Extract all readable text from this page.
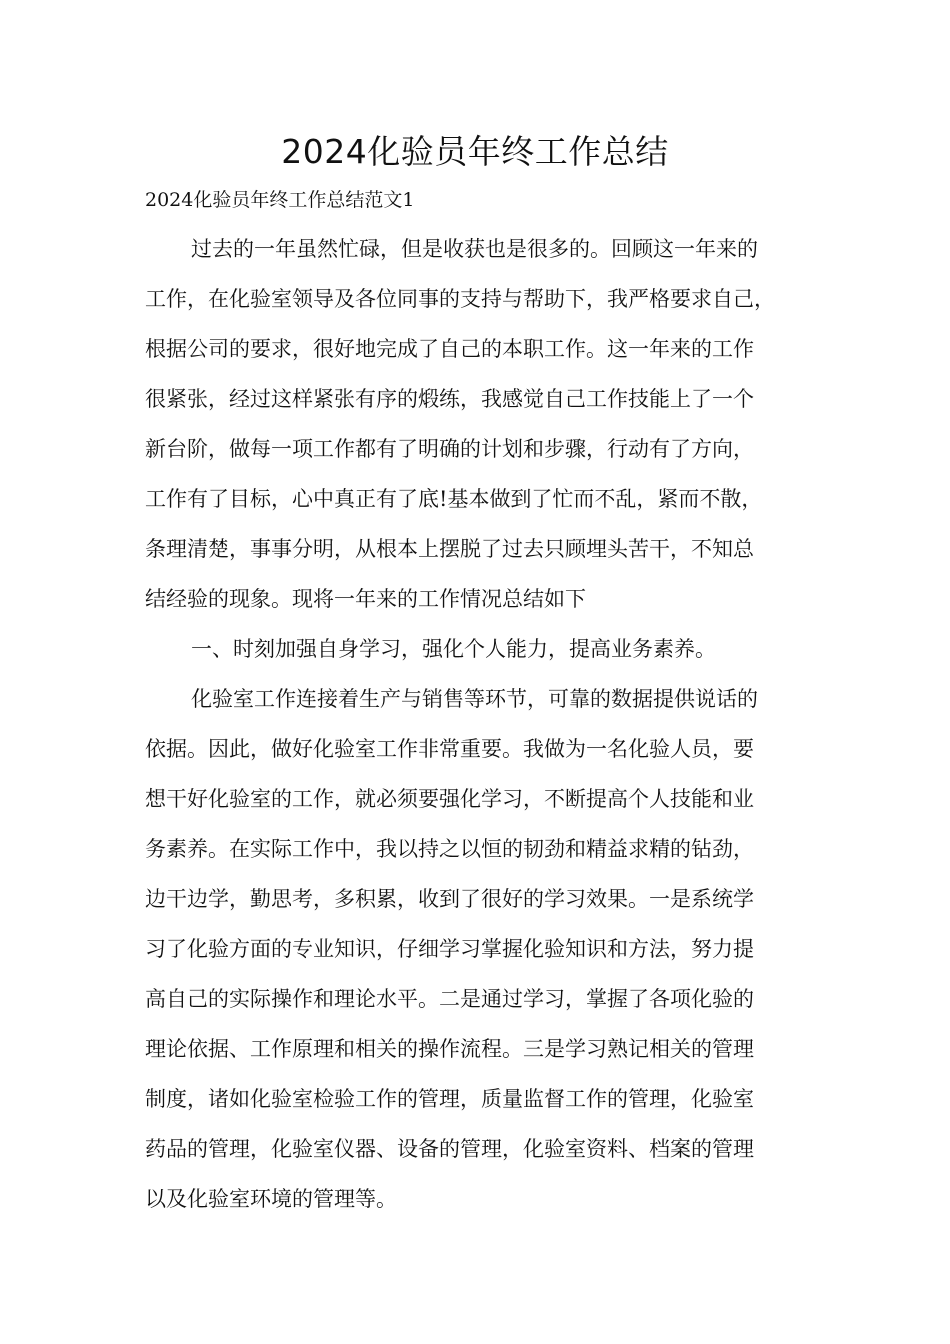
2024化验员年终工作总结

2024化验员年终工作总结范文1

过去的一年虽然忙碌，但是收获也是很多的。回顾这一年来的

工作，在化验室领导及各位同事的支持与帮助下，我严格要求自己，

根据公司的要求，很好地完成了自己的本职工作。这一年来的工作

很紧张，经过这样紧张有序的煅练，我感觉自己工作技能上了一个

新台阶，做每一项工作都有了明确的计划和步骤，行动有了方向，

工作有了目标，心中真正有了底!基本做到了忙而不乱，紧而不散，

条理清楚，事事分明，从根本上摆脱了过去只顾埋头苦干，不知总

结经验的现象。现将一年来的工作情况总结如下

一、时刻加强自身学习，强化个人能力，提高业务素养。

化验室工作连接着生产与销售等环节，可靠的数据提供说话的

依据。因此，做好化验室工作非常重要。我做为一名化验人员，要

想干好化验室的工作，就必须要强化学习，不断提高个人技能和业

务素养。在实际工作中，我以持之以恒的韧劲和精益求精的钻劲，

边干边学，勤思考，多积累，收到了很好的学习效果。一是系统学

习了化验方面的专业知识，仔细学习掌握化验知识和方法，努力提

高自己的实际操作和理论水平。二是通过学习，掌握了各项化验的

理论依据、工作原理和相关的操作流程。三是学习熟记相关的管理

制度，诸如化验室检验工作的管理，质量监督工作的管理，化验室

药品的管理，化验室仪器、设备的管理，化验室资料、档案的管理

以及化验室环境的管理等。
